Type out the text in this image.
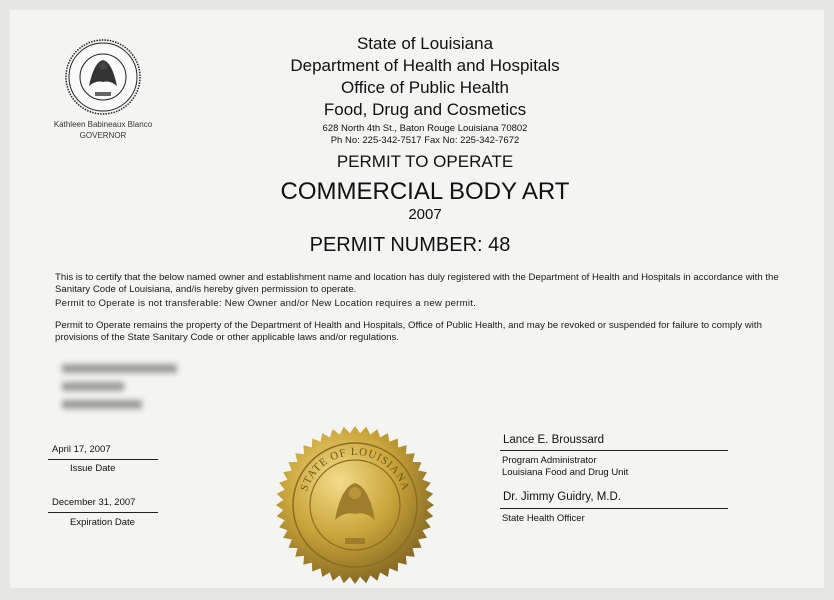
Kathleen Babineaux Blanco
GOVERNOR
State of Louisiana
Department of Health and Hospitals
Office of Public Health
Food, Drug and Cosmetics
628 North 4th St., Baton Rouge Louisiana 70802
Ph No: 225-342-7517 Fax No: 225-342-7672
PERMIT TO OPERATE
COMMERCIAL BODY ART
2007
PERMIT NUMBER: 48
This is to certify that the below named owner and establishment name and location has duly registered with the Department of Health and Hospitals in accordance with the Sanitary Code of Louisiana, and/is hereby given permission to operate.
Permit to Operate is not transferable: New Owner and/or New Location requires a new permit.
Permit to Operate remains the property of the Department of Health and Hospitals, Office of Public Health, and may be revoked or suspended for failure to comply with provisions of the State Sanitary Code or other applicable laws and/or regulations.
April 17, 2007
Issue Date
December 31, 2007
Expiration Date
STATE OF LOUISIANA
Lance E. Broussard
Program Administrator
Louisiana Food and Drug Unit
Dr. Jimmy Guidry, M.D.
State Health Officer
